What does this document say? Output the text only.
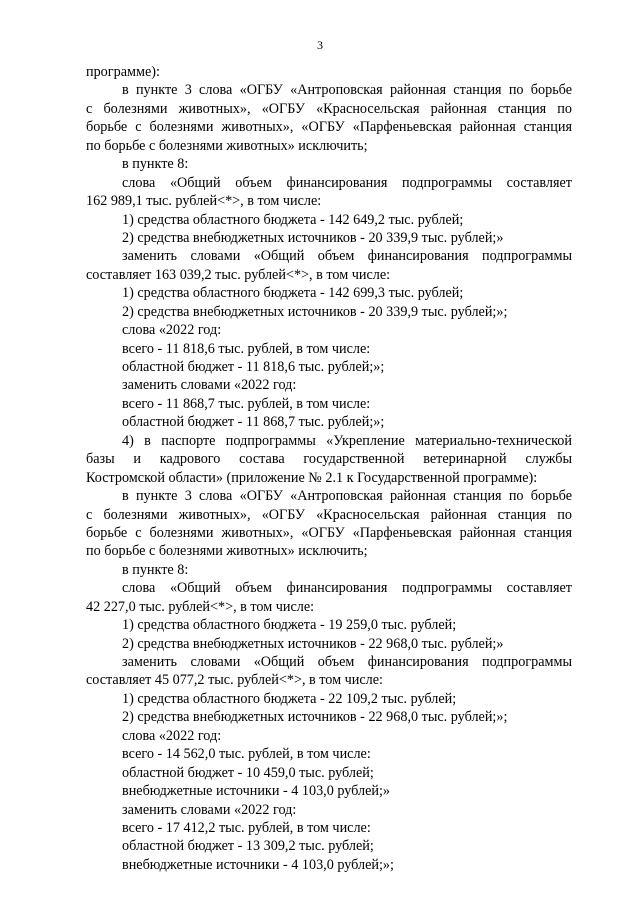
3
программе):
в пункте 3 слова «ОГБУ «Антроповская районная станция по борьбе
с болезнями животных», «ОГБУ «Красносельская районная станция по
борьбе с болезнями животных», «ОГБУ «Парфеньевская районная станция
по борьбе с болезнями животных» исключить;
в пункте 8:
слова «Общий объем финансирования подпрограммы составляет
162 989,1 тыс. рублей<*>, в том числе:
1) средства областного бюджета - 142 649,2 тыс. рублей;
2) средства внебюджетных источников - 20 339,9 тыс. рублей;»
заменить словами «Общий объем финансирования подпрограммы
составляет 163 039,2 тыс. рублей<*>, в том числе:
1) средства областного бюджета - 142 699,3 тыс. рублей;
2) средства внебюджетных источников - 20 339,9 тыс. рублей;»;
слова «2022 год:
всего - 11 818,6 тыс. рублей, в том числе:
областной бюджет - 11 818,6 тыс. рублей;»;
заменить словами «2022 год:
всего - 11 868,7 тыс. рублей, в том числе:
областной бюджет - 11 868,7 тыс. рублей;»;
4) в паспорте подпрограммы «Укрепление материально-технической
базы и кадрового состава государственной ветеринарной службы
Костромской области» (приложение № 2.1 к Государственной программе):
в пункте 3 слова «ОГБУ «Антроповская районная станция по борьбе
с болезнями животных», «ОГБУ «Красносельская районная станция по
борьбе с болезнями животных», «ОГБУ «Парфеньевская районная станция
по борьбе с болезнями животных» исключить;
в пункте 8:
слова «Общий объем финансирования подпрограммы составляет
42 227,0 тыс. рублей<*>, в том числе:
1) средства областного бюджета - 19 259,0 тыс. рублей;
2) средства внебюджетных источников - 22 968,0 тыс. рублей;»
заменить словами «Общий объем финансирования подпрограммы
составляет 45 077,2 тыс. рублей<*>, в том числе:
1) средства областного бюджета - 22 109,2 тыс. рублей;
2) средства внебюджетных источников - 22 968,0 тыс. рублей;»;
слова «2022 год:
всего - 14 562,0 тыс. рублей, в том числе:
областной бюджет - 10 459,0 тыс. рублей;
внебюджетные источники - 4 103,0 рублей;»
заменить словами «2022 год:
всего - 17 412,2 тыс. рублей, в том числе:
областной бюджет - 13 309,2 тыс. рублей;
внебюджетные источники - 4 103,0 рублей;»;
